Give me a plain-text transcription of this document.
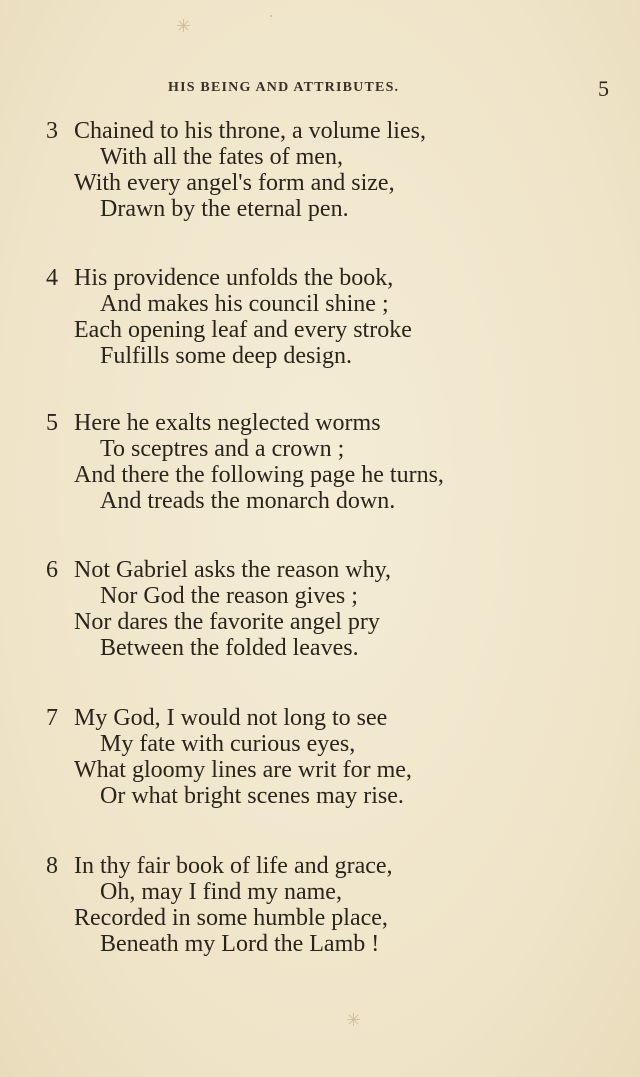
✳	·
✳
HIS BEING AND ATTRIBUTES.	5
3 Chained to his throne, a volume lies,
With all the fates of men,
With every angel's form and size,
Drawn by the eternal pen.
4 His providence unfolds the book,
And makes his council shine ;
Each opening leaf and every stroke
Fulfills some deep design.
5 Here he exalts neglected worms
To sceptres and a crown ;
And there the following page he turns,
And treads the monarch down.
6 Not Gabriel asks the reason why,
Nor God the reason gives ;
Nor dares the favorite angel pry
Between the folded leaves.
7 My God, I would not long to see
My fate with curious eyes,
What gloomy lines are writ for me,
Or what bright scenes may rise.
8 In thy fair book of life and grace,
Oh, may I find my name,
Recorded in some humble place,
Beneath my Lord the Lamb !
